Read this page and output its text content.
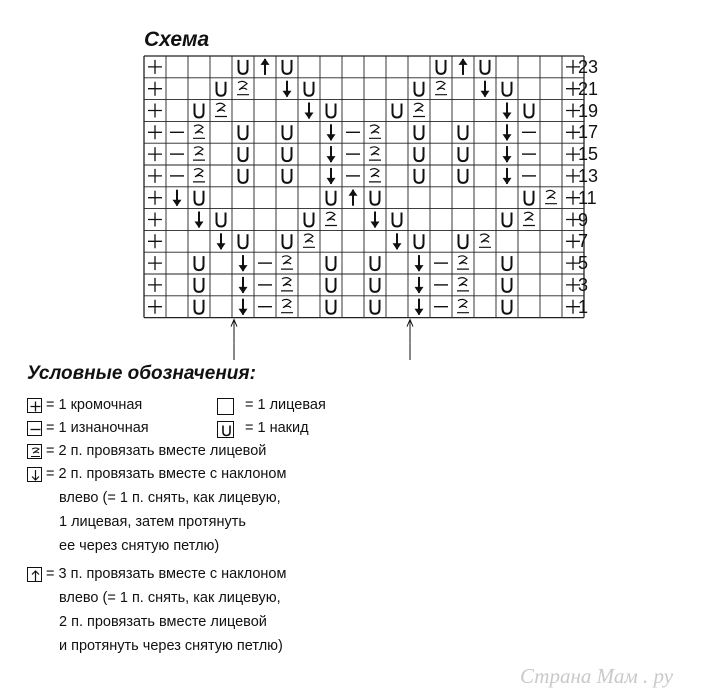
Схема
23
21
19
17
15
13
11
9
7
5
3
1
Условные обозначения:
= 1 кромочная	= 1 лицевая
= 1 изнаночная	= 1 накид
= 2 п. провязать вместе лицевой
= 2 п. провязать вместе с наклоном
влево (= 1 п. снять, как лицевую,
1 лицевая, затем протянуть
ее через снятую петлю)
= 3 п. провязать вместе с наклоном
влево (= 1 п. снять, как лицевую,
2 п. провязать вместе лицевой
и протянуть через снятую петлю)
Страна Мам . ру
